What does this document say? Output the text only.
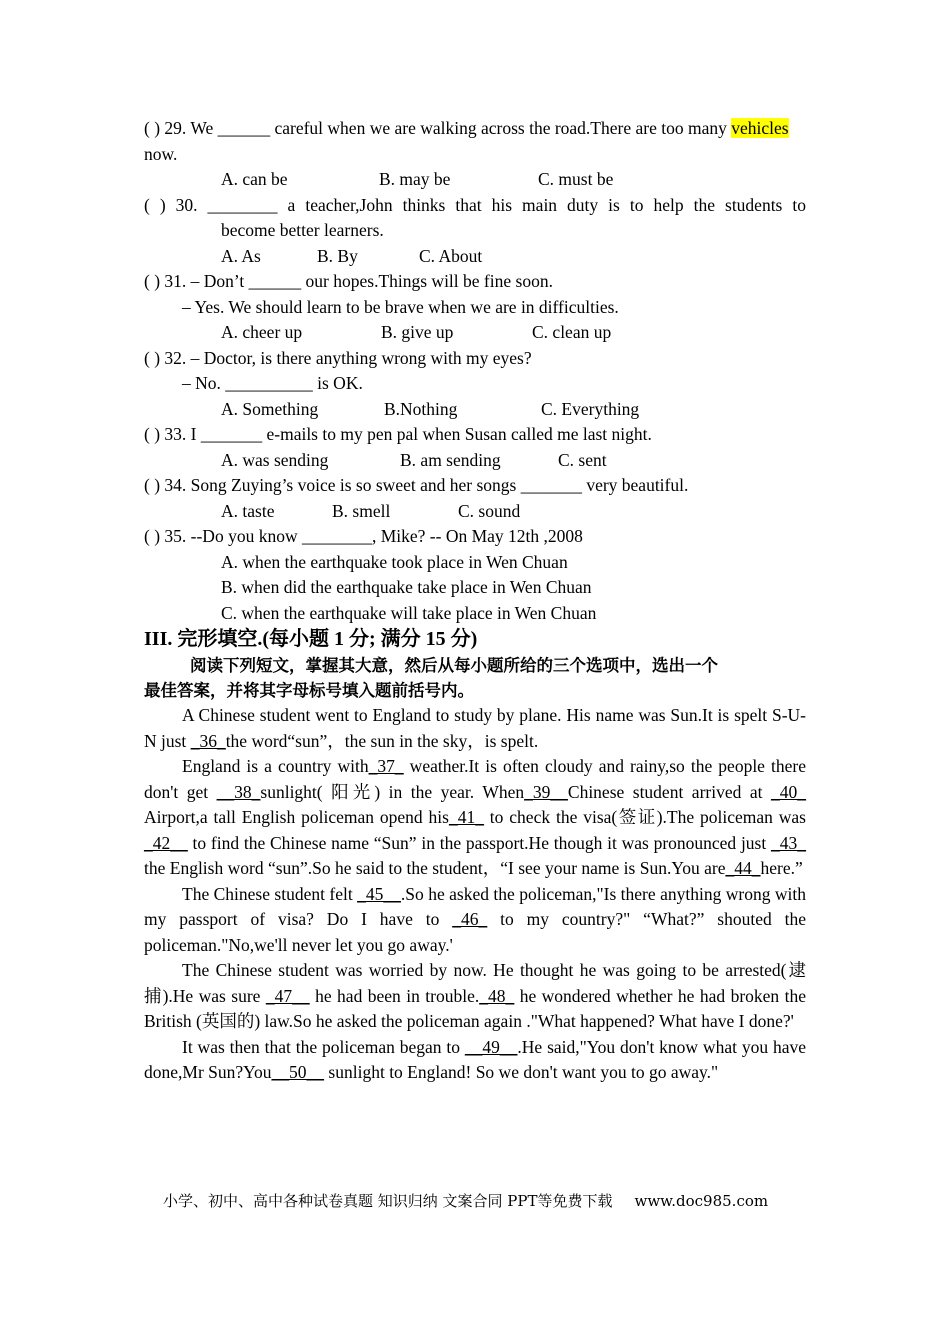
( ) 29. We ______ careful when we are walking across the road.There are too many vehicles
now.
A. can be	B. may be	C. must be
( ) 30. ________ a teacher,John thinks that his main duty is to help the students to
become better learners.
A. As	B. By	C. About
( ) 31. – Don’t ______ our hopes.Things will be fine soon.
– Yes. We should learn to be brave when we are in difficulties.
A. cheer up	B. give up	C. clean up
( ) 32. – Doctor, is there anything wrong with my eyes?
– No. __________ is OK.
A. Something	B.Nothing	C. Everything
( ) 33. I _______ e-mails to my pen pal when Susan called me last night.
A. was sending	B. am sending	C. sent
( ) 34. Song Zuying’s voice is so sweet and her songs _______ very beautiful.
A. taste	B. smell	C. sound
( ) 35. --Do you know ________, Mike? -- On May 12th ,2008
A. when the earthquake took place in Wen Chuan
B. when did the earthquake take place in Wen Chuan
C. when the earthquake will take place in Wen Chuan
III. 完形填空.(每小题 1 分; 满分 15 分)
阅读下列短文，掌握其大意，然后从每小题所给的三个选项中，选出一个
最佳答案，并将其字母标号填入题前括号内。

A Chinese student went to England to study by plane. His name was Sun.It is spelt S-U-N just _36_the word“sun”，the sun in the sky，is spelt.

England is a country with_37_ weather.It is often cloudy and rainy,so the people there don't get __38_sunlight( 阳光) in the year. When_39__Chinese student arrived at _40_ Airport,a tall English policeman opend his_41_ to check the visa(签证).The policeman was _42__ to find the Chinese name “Sun” in the passport.He though it was pronounced just _43_ the English word “sun”.So he said to the student，“I see your name is Sun.You are_44_here.”

The Chinese student felt _45__.So he asked the policeman,"Is there anything wrong with my passport of visa? Do I have to _46_ to my country?" “What?” shouted the policeman."No,we'll never let you go away.'

The Chinese student was worried by now. He thought he was going to be arrested(逮捕).He was sure _47__ he had been in trouble._48_ he wondered whether he had broken the British (英国的) law.So he asked the policeman again ."What happened? What have I done?'

It was then that the policeman began to __49__.He said,"You don't know what you have done,Mr Sun?You__50__ sunlight to England! So we don't want you to go away."

小学、初中、高中各种试卷真题 知识归纳 文案合同 PPT等免费下载 www.doc985.com
